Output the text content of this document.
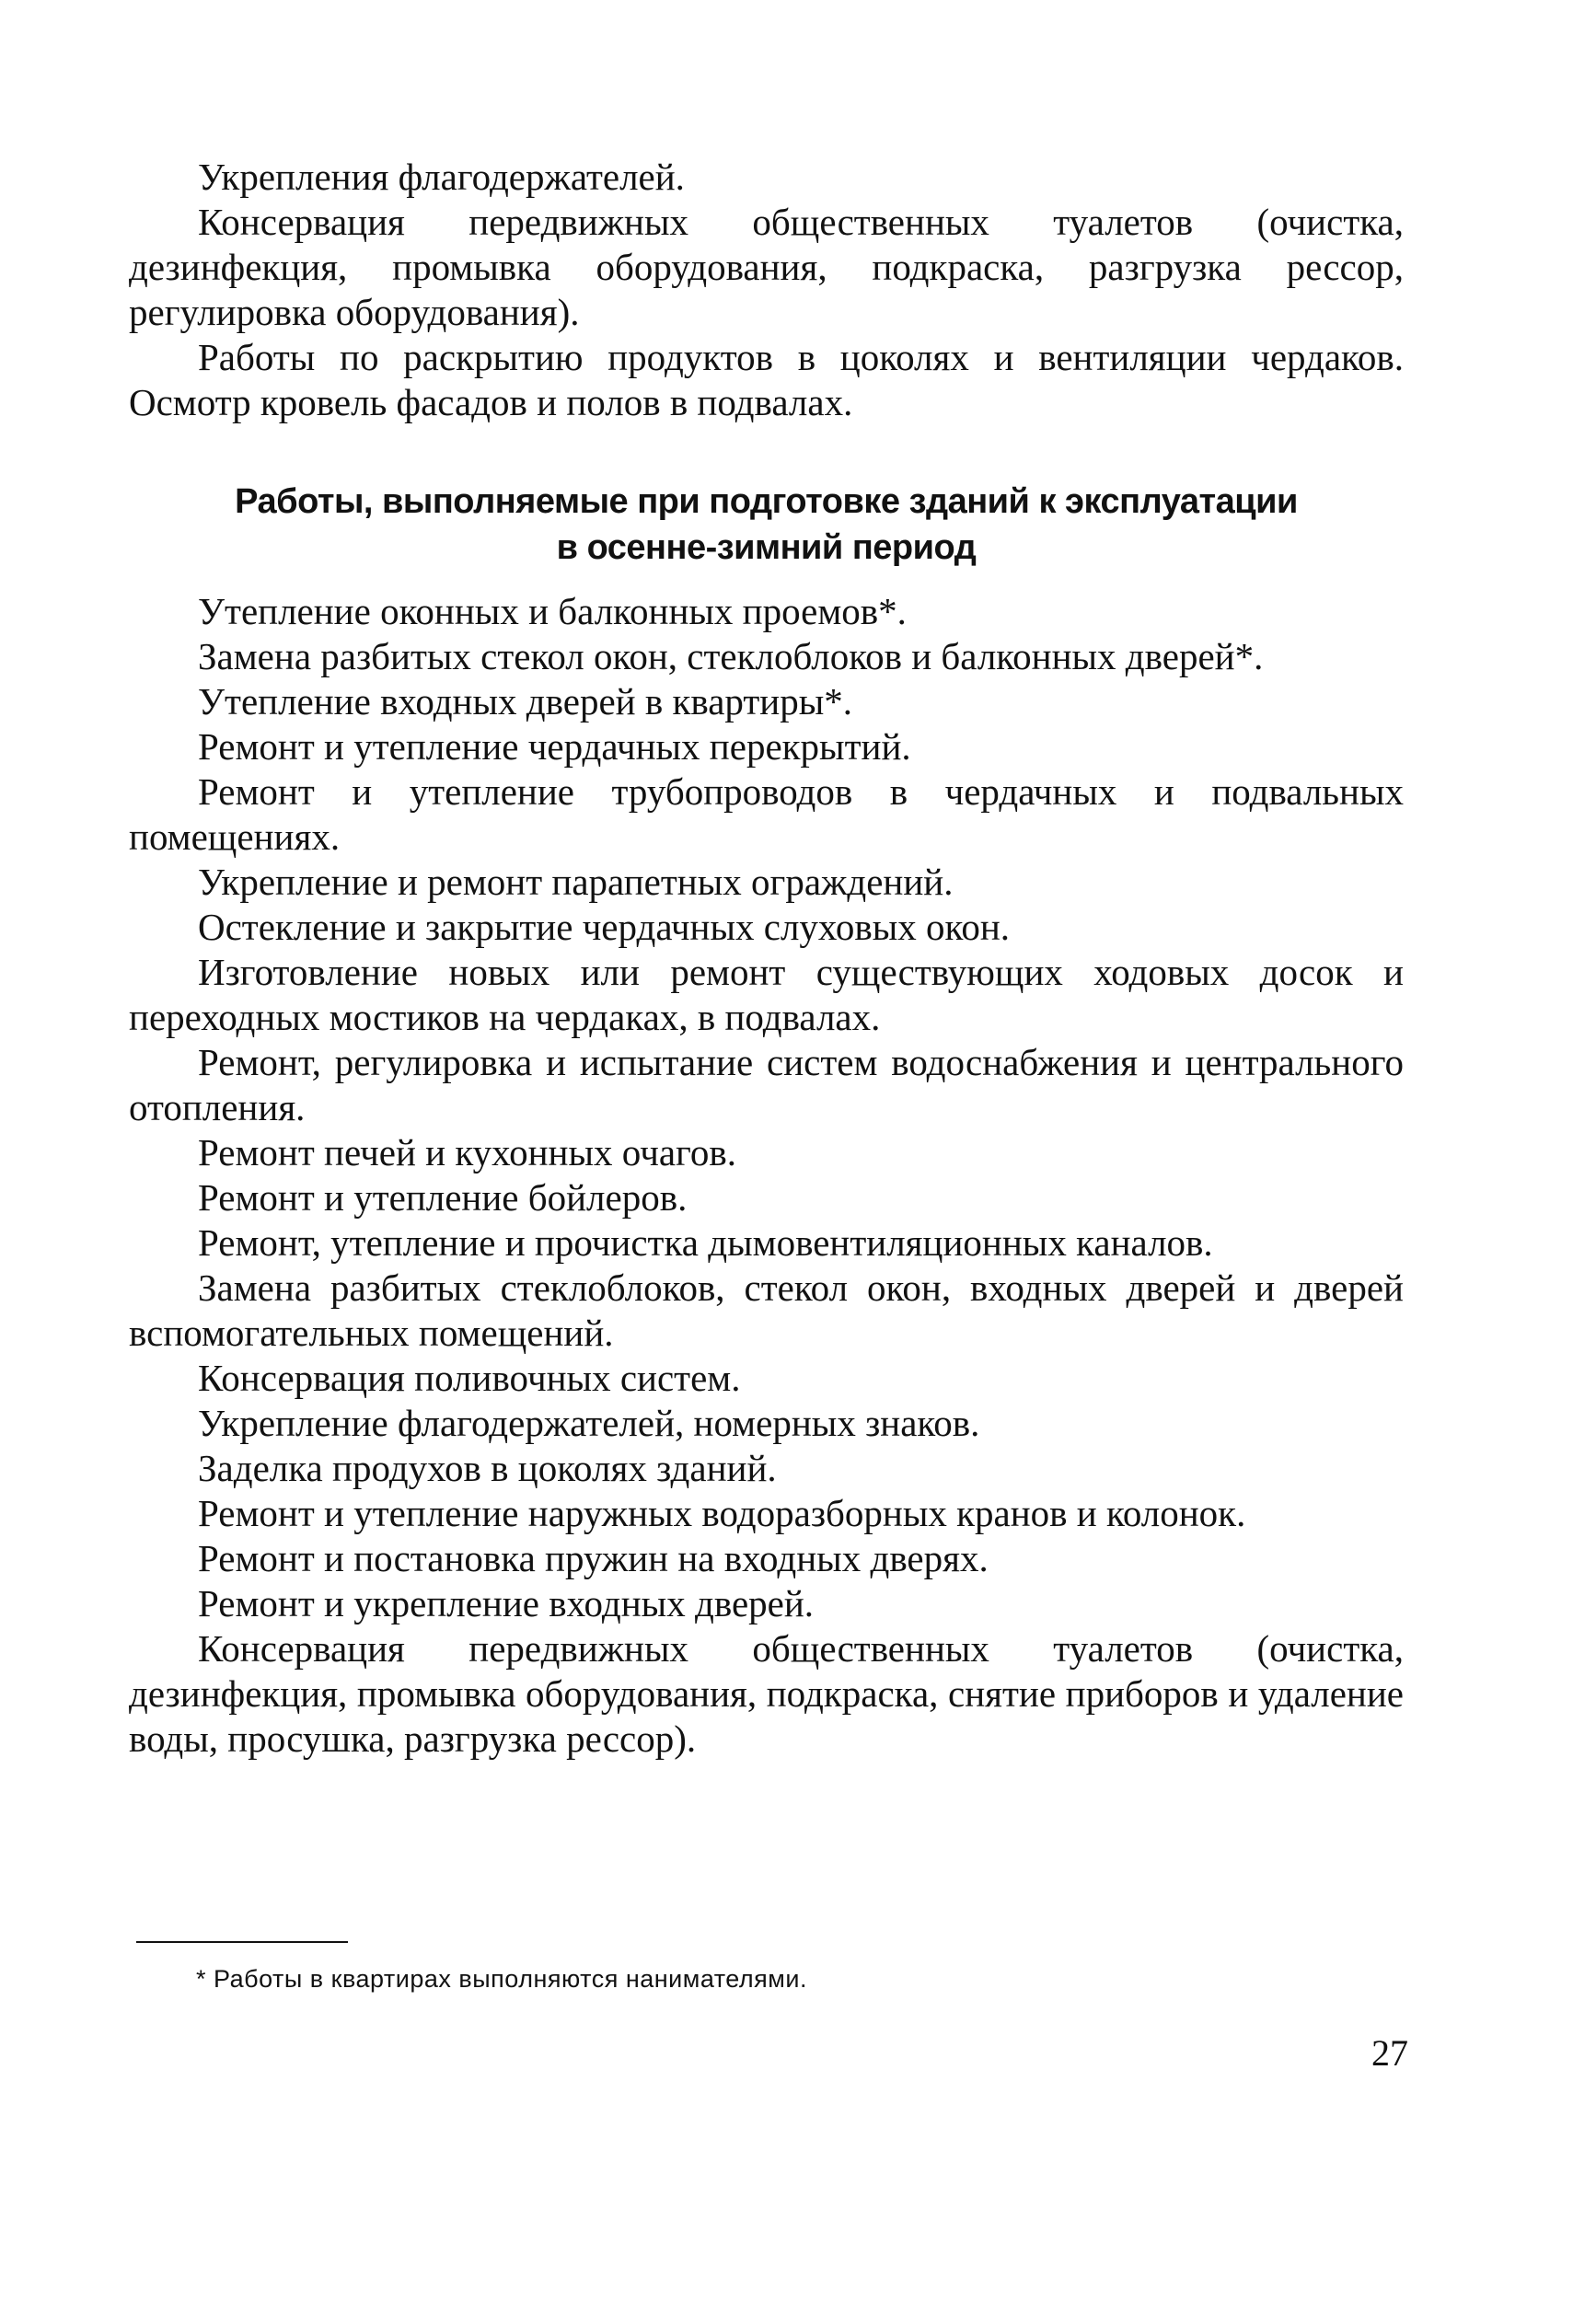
Укрепления флагодержателей.

Консервация передвижных общественных туалетов (очистка, дезинфекция, промывка оборудования, подкраска, разгрузка рессор, регулировка оборудования).

Работы по раскрытию продуктов в цоколях и вентиляции чердаков. Осмотр кровель фасадов и полов в подвалах.

Работы, выполняемые при подготовке зданий к эксплуатации
в осенне-зимний период

Утепление оконных и балконных проемов*.

Замена разбитых стекол окон, стеклоблоков и балконных дверей*.

Утепление входных дверей в квартиры*.

Ремонт и утепление чердачных перекрытий.

Ремонт и утепление трубопроводов в чердачных и подвальных помещениях.

Укрепление и ремонт парапетных ограждений.

Остекление и закрытие чердачных слуховых окон.

Изготовление новых или ремонт существующих ходовых досок и переходных мостиков на чердаках, в подвалах.

Ремонт, регулировка и испытание систем водоснабжения и центрального отопления.

Ремонт печей и кухонных очагов.

Ремонт и утепление бойлеров.

Ремонт, утепление и прочистка дымовентиляционных каналов.

Замена разбитых стеклоблоков, стекол окон, входных дверей и дверей вспомогательных помещений.

Консервация поливочных систем.

Укрепление флагодержателей, номерных знаков.

Заделка продухов в цоколях зданий.

Ремонт и утепление наружных водоразборных кранов и колонок.

Ремонт и постановка пружин на входных дверях.

Ремонт и укрепление входных дверей.

Консервация передвижных общественных туалетов (очистка, дезинфекция, промывка оборудования, подкраска, снятие приборов и удаление воды, просушка, разгрузка рессор).

* Работы в квартирах выполняются нанимателями.
27
